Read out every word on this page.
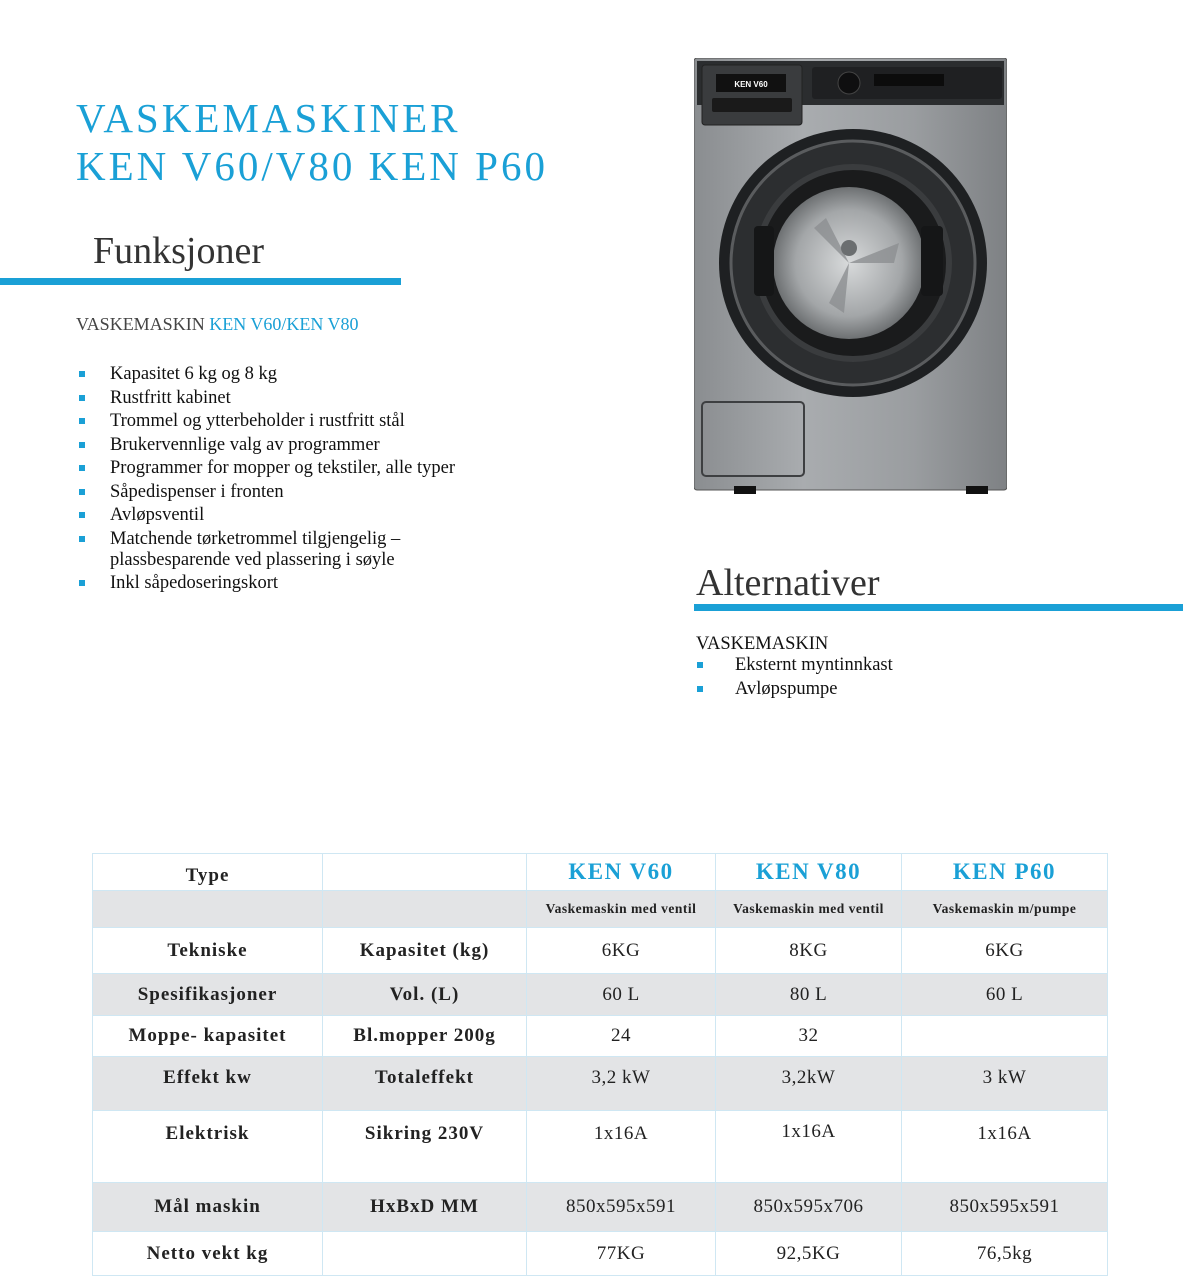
VASKEMASKINER
KEN V60/V80 KEN P60
Funksjoner
VASKEMASKIN KEN V60/KEN V80
Kapasitet 6 kg og 8 kg
Rustfritt kabinet
Trommel og ytterbeholder i rustfritt stål
Brukervennlige valg av programmer
Programmer for mopper og tekstiler, alle typer
Såpedispenser i fronten
Avløpsventil
Matchende tørketrommel tilgjengelig –
plassbesparende ved plassering i søyle
Inkl såpedoseringskort
KEN V60
Alternativer
VASKEMASKIN
Eksternt myntinnkast
Avløpspumpe
Type		KEN V60	KEN V80	KEN P60
		Vaskemaskin med ventil	Vaskemaskin med ventil	Vaskemaskin m/pumpe
Tekniske	Kapasitet (kg)	6KG	8KG	6KG
Spesifikasjoner	Vol. (L)	60 L	80 L	60 L
Moppe- kapasitet	Bl.mopper 200g	24	32	
Effekt kw	Totaleffekt	3,2 kW	3,2kW	3 kW
Elektrisk	Sikring 230V	1x16A	1x16A	1x16A
Mål maskin	HxBxD MM	850x595x591	850x595x706	850x595x591
Netto vekt kg		77KG	92,5KG	76,5kg
